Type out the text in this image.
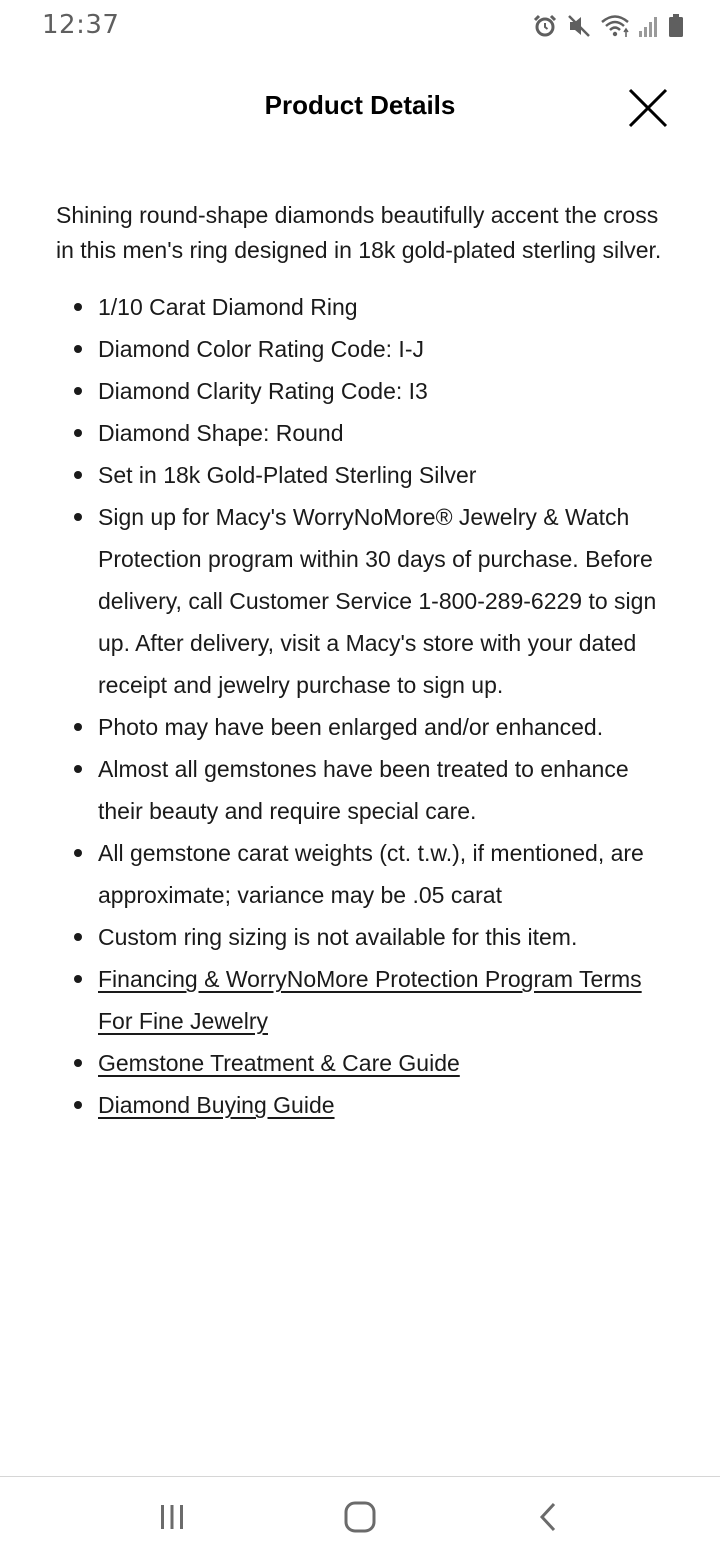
12:37
Product Details

Shining round-shape diamonds beautifully accent the cross in this men's ring designed in 18k gold-plated sterling silver.

1/10 Carat Diamond Ring
Diamond Color Rating Code: I-J
Diamond Clarity Rating Code: I3
Diamond Shape: Round
Set in 18k Gold-Plated Sterling Silver
Sign up for Macy's WorryNoMore® Jewelry & Watch Protection program within 30 days of purchase. Before delivery, call Customer Service 1-800-289-6229 to sign up. After delivery, visit a Macy's store with your dated receipt and jewelry purchase to sign up.
Photo may have been enlarged and/or enhanced.
Almost all gemstones have been treated to enhance their beauty and require special care.
All gemstone carat weights (ct. t.w.), if mentioned, are approximate; variance may be .05 carat
Custom ring sizing is not available for this item.
Financing & WorryNoMore Protection Program Terms For Fine Jewelry
Gemstone Treatment & Care Guide
Diamond Buying Guide
